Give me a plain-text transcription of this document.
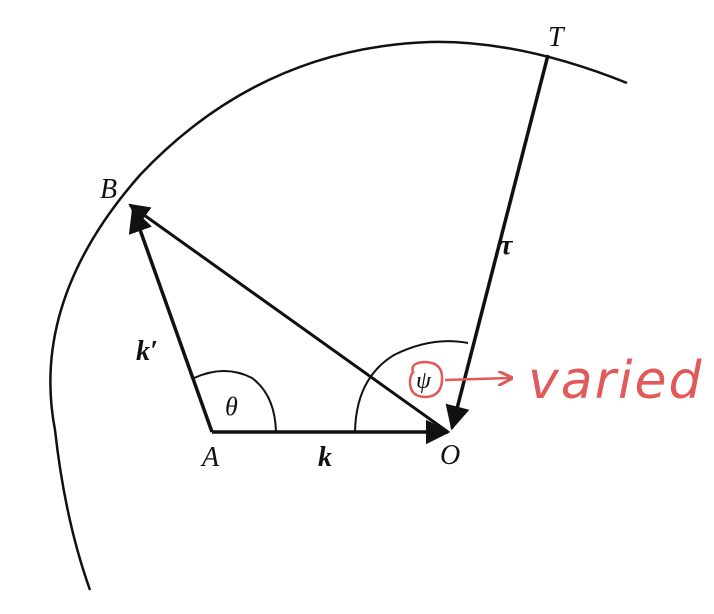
T
B
A	O
k′
k
τ
θ
ψ varied
